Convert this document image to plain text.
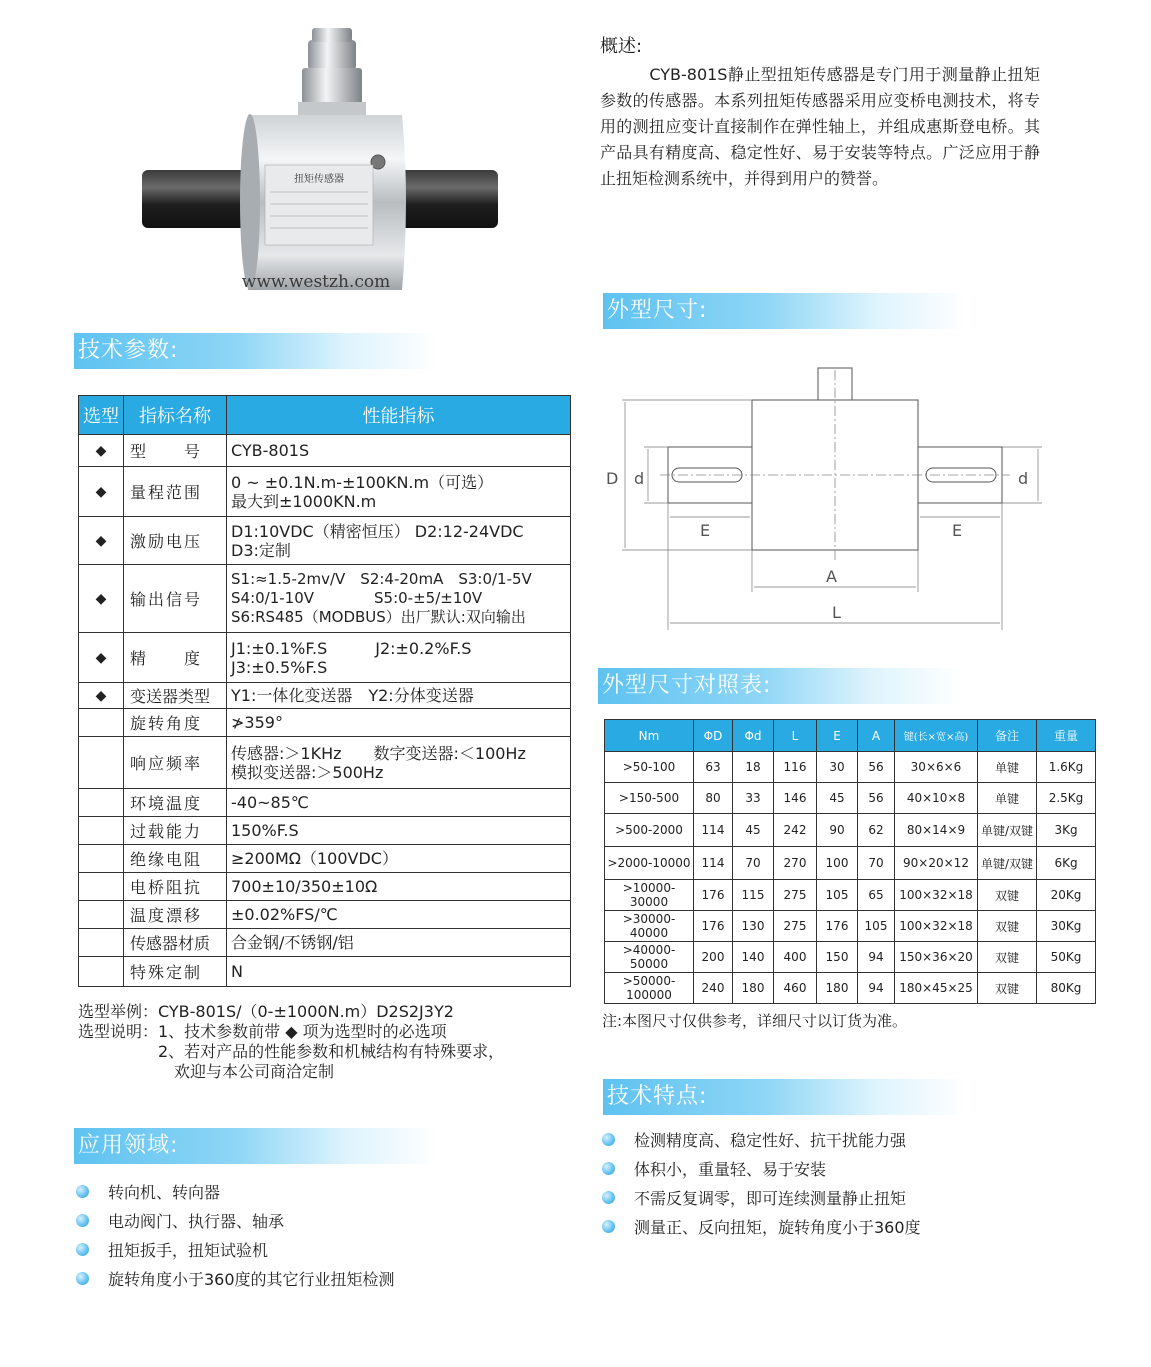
扭矩传感器
www.westzh.com
概述:
　　　CYB-801S静止型扭矩传感器是专门用于测量静止扭矩参数的传感器。本系列扭矩传感器采用应变桥电测技术，将专用的测扭应变计直接制作在弹性轴上，并组成惠斯登电桥。其产品具有精度高、稳定性好、易于安装等特点。广泛应用于静止扭矩检测系统中，并得到用户的赞誉。
技术参数:
外型尺寸:
外型尺寸对照表:
应用领域:
技术特点:
选型	指标名称	性能指标
◆	型　　号	CYB-801S

◆	量程范围	0 ~ ±0.1N.m-±100KN.m（可选）
最大到±1000KN.m

◆	激励电压	D1:10VDC（精密恒压） D2:12-24VDC
D3:定制

◆	输出信号	S1:≈1.5-2mv/V　S2:4-20mA　S3:0/1-5V
S4:0/1-10V　　　　S5:0-±5/±10V
S6:RS485（MODBUS）出厂默认:双向输出

◆	精　　度	J1:±0.1%F.S　　　J2:±0.2%F.S
J3:±0.5%F.S

◆	变送器类型	Y1:一体化变送器　Y2:分体变送器

	旋转角度	≯359°

	响应频率	传感器:＞1KHz　　数字变送器:＜100Hz
模拟变送器:＞500Hz

	环境温度	-40~85℃

	过载能力	150%F.S

	绝缘电阻	≥200MΩ（100VDC）

	电桥阻抗	700±10/350±10Ω

	温度漂移	±0.02%FS/℃

	传感器材质	合金钢/不锈钢/铝

	特殊定制	N
选型举例：CYB-801S/（0-±1000N.m）D2S2J3Y2
选型说明：1、技术参数前带 ◆ 项为选型时的必选项
　　　　　2、若对产品的性能参数和机械结构有特殊要求，
　　　　　　欢迎与本公司商洽定制
转向机、转向器
电动阀门、执行器、轴承
扭矩扳手，扭矩试验机
旋转角度小于360度的其它行业扭矩检测
检测精度高、稳定性好、抗干扰能力强
体积小，重量轻、易于安装
不需反复调零，即可连续测量静止扭矩
测量正、反向扭矩，旋转角度小于360度
D d	d
E	E
A
L
Nm	ΦD	Φd	L	E	A	键(长×宽×高)	备注	重量
>50-100	63	18	116	30	56	30×6×6	单键	1.6Kg
>150-500	80	33	146	45	56	40×10×8	单键	2.5Kg
>500-2000	114	45	242	90	62	80×14×9	单键/双键	3Kg
>2000-10000	114	70	270	100	70	90×20×12	单键/双键	6Kg
>10000-30000	176	115	275	105	65	100×32×18	双键	20Kg
>30000-40000	176	130	275	176	105	100×32×18	双键	30Kg
>40000-50000	200	140	400	150	94	150×36×20	双键	50Kg
>50000-100000	240	180	460	180	94	180×45×25	双键	80Kg
注:本图尺寸仅供参考，详细尺寸以订货为准。
